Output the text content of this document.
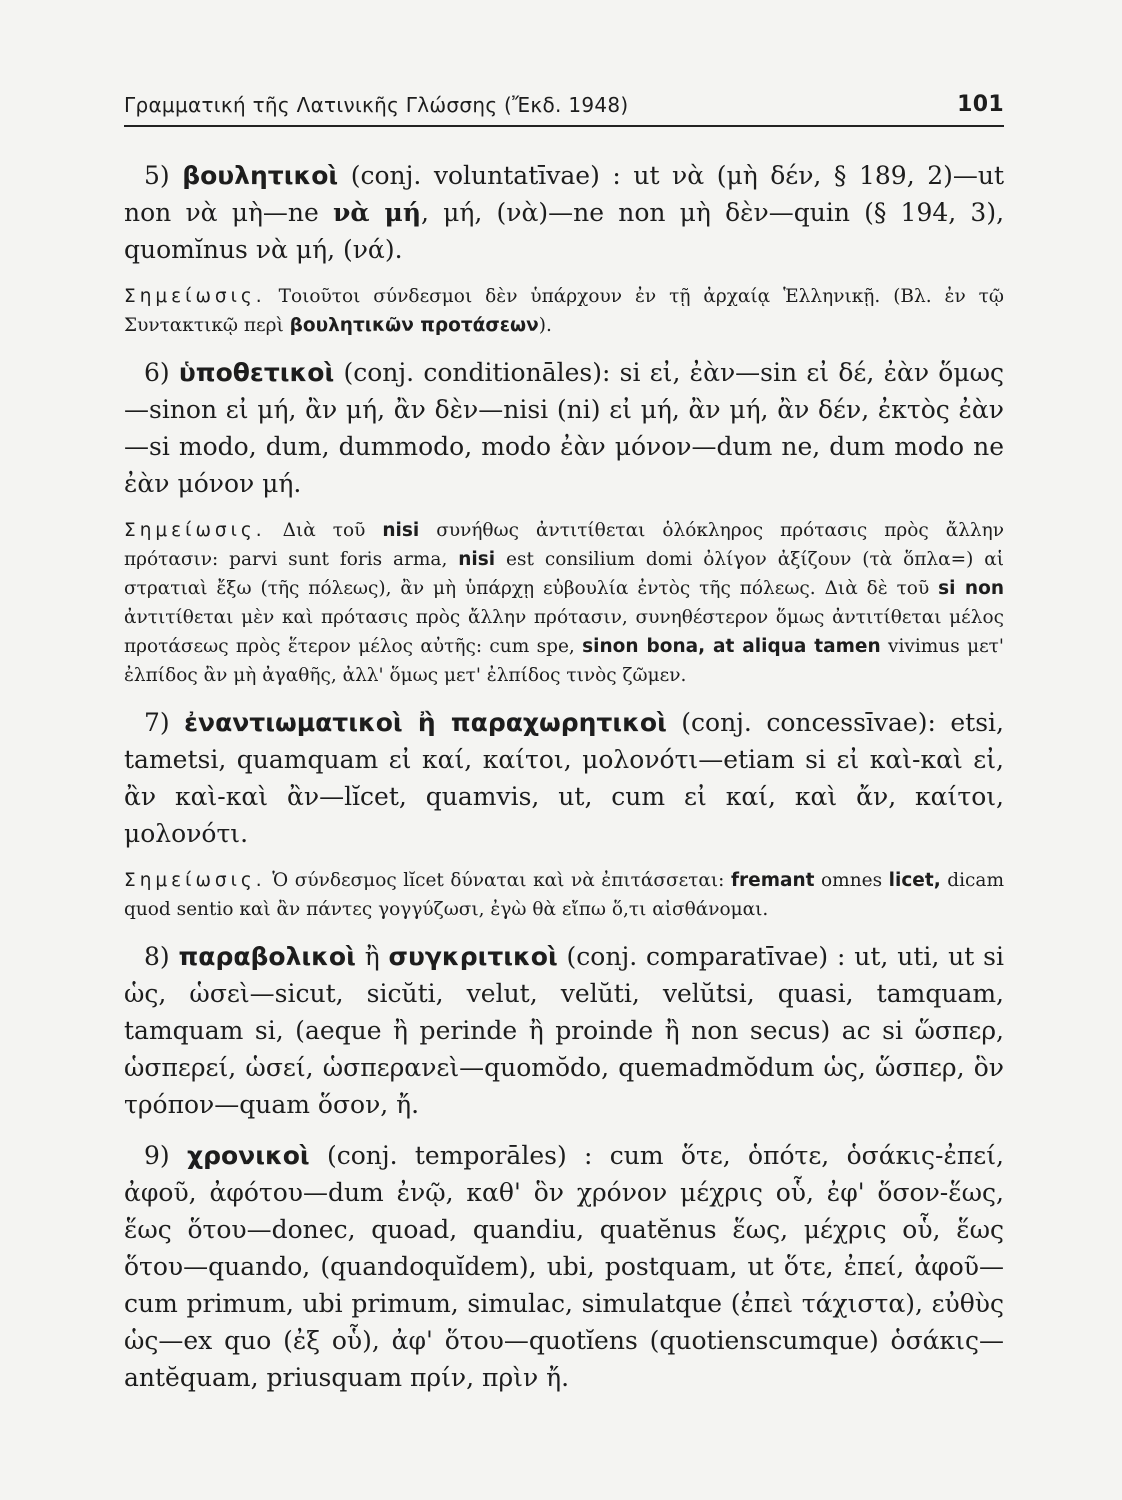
Γραμματική τῆς Λατινικῆς Γλώσσης (Ἔκδ. 1948)	101

5) βουλητικοὶ (conj. voluntatīvae) : ut νὰ (μὴ δέν, § 189, 2)—ut non νὰ μὴ—ne νὰ μή, μή, (νὰ)—ne non μὴ δὲν—quin (§ 194, 3), quomĭnus νὰ μή, (νά).

Σημείωσις. Τοιοῦτοι σύνδεσμοι δὲν ὑπάρχουν ἐν τῇ ἀρχαίᾳ Ἑλληνικῇ. (Βλ. ἐν τῷ Συντακτικῷ περὶ βουλητικῶν προτάσεων).

6) ὑποθετικοὶ (conj. conditionāles): si εἰ, ἐὰν—sin εἰ δέ, ἐὰν ὅμως—sinon εἰ μή, ἂν μή, ἂν δὲν—nisi (ni) εἰ μή, ἂν μή, ἂν δέν, ἐκτὸς ἐὰν—si modo, dum, dummodo, modo ἐὰν μόνον—dum ne, dum modo ne ἐὰν μόνον μή.

Σημείωσις. Διὰ τοῦ nisi συνήθως ἀντιτίθεται ὁλόκληρος πρότασις πρὸς ἄλλην πρότασιν: parvi sunt foris arma, nisi est consilium domi ὀλίγον ἀξίζουν (τὰ ὅπλα=) αἱ στρατιαὶ ἔξω (τῆς πόλεως), ἂν μὴ ὑπάρχῃ εὐβουλία ἐντὸς τῆς πόλεως. Διὰ δὲ τοῦ si non ἀντιτίθεται μὲν καὶ πρότασις πρὸς ἄλλην πρότασιν, συνηθέστερον ὅμως ἀντιτίθεται μέλος προτάσεως πρὸς ἕτερον μέλος αὐτῆς: cum spe, sinon bona, at aliqua tamen vivimus μετ' ἐλπίδος ἂν μὴ ἀγαθῆς, ἀλλ' ὅμως μετ' ἐλπίδος τινὸς ζῶμεν.

7) ἐναντιωματικοὶ ἢ παραχωρητικοὶ (conj. concessīvae): etsi, tametsi, quamquam εἰ καί, καίτοι, μολονότι—etiam si εἰ καὶ-καὶ εἰ, ἂν καὶ-καὶ ἂν—lĭcet, quamvis, ut, cum εἰ καί, καὶ ἄν, καίτοι, μολονότι.

Σημείωσις. Ὁ σύνδεσμος lĭcet δύναται καὶ νὰ ἐπιτάσσεται: fremant omnes licet, dicam quod sentio καὶ ἂν πάντες γογγύζωσι, ἐγὼ θὰ εἴπω ὅ,τι αἰσθάνομαι.

8) παραβολικοὶ ἢ συγκριτικοὶ (conj. comparatīvae) : ut, uti, ut si ὡς, ὡσεὶ—sicut, sicŭti, velut, velŭti, velŭtsi, quasi, tamquam, tamquam si, (aeque ἢ perinde ἢ proinde ἢ non secus) ac si ὥσπερ, ὡσπερεί, ὡσεί, ὡσπερανεὶ—quomŏdo, quemadmŏdum ὡς, ὥσπερ, ὃν τρόπον—quam ὅσον, ἤ.

9) χρονικοὶ (conj. temporāles) : cum ὅτε, ὁπότε, ὁσάκις-ἐπεί, ἀφοῦ, ἀφότου—dum ἐνῷ, καθ' ὃν χρόνον μέχρις οὗ, ἐφ' ὅσον-ἕως, ἕως ὅτου—donec, quoad, quandiu, quatĕnus ἕως, μέχρις οὗ, ἕως ὅτου—quando, (quandoquĭdem), ubi, postquam, ut ὅτε, ἐπεί, ἀφοῦ—cum primum, ubi primum, simulac, simulatque (ἐπεὶ τάχιστα), εὐθὺς ὡς—ex quo (ἐξ οὗ), ἀφ' ὅτου—quotĭens (quotienscumque) ὁσάκις—antĕquam, priusquam πρίν, πρὶν ἤ.
